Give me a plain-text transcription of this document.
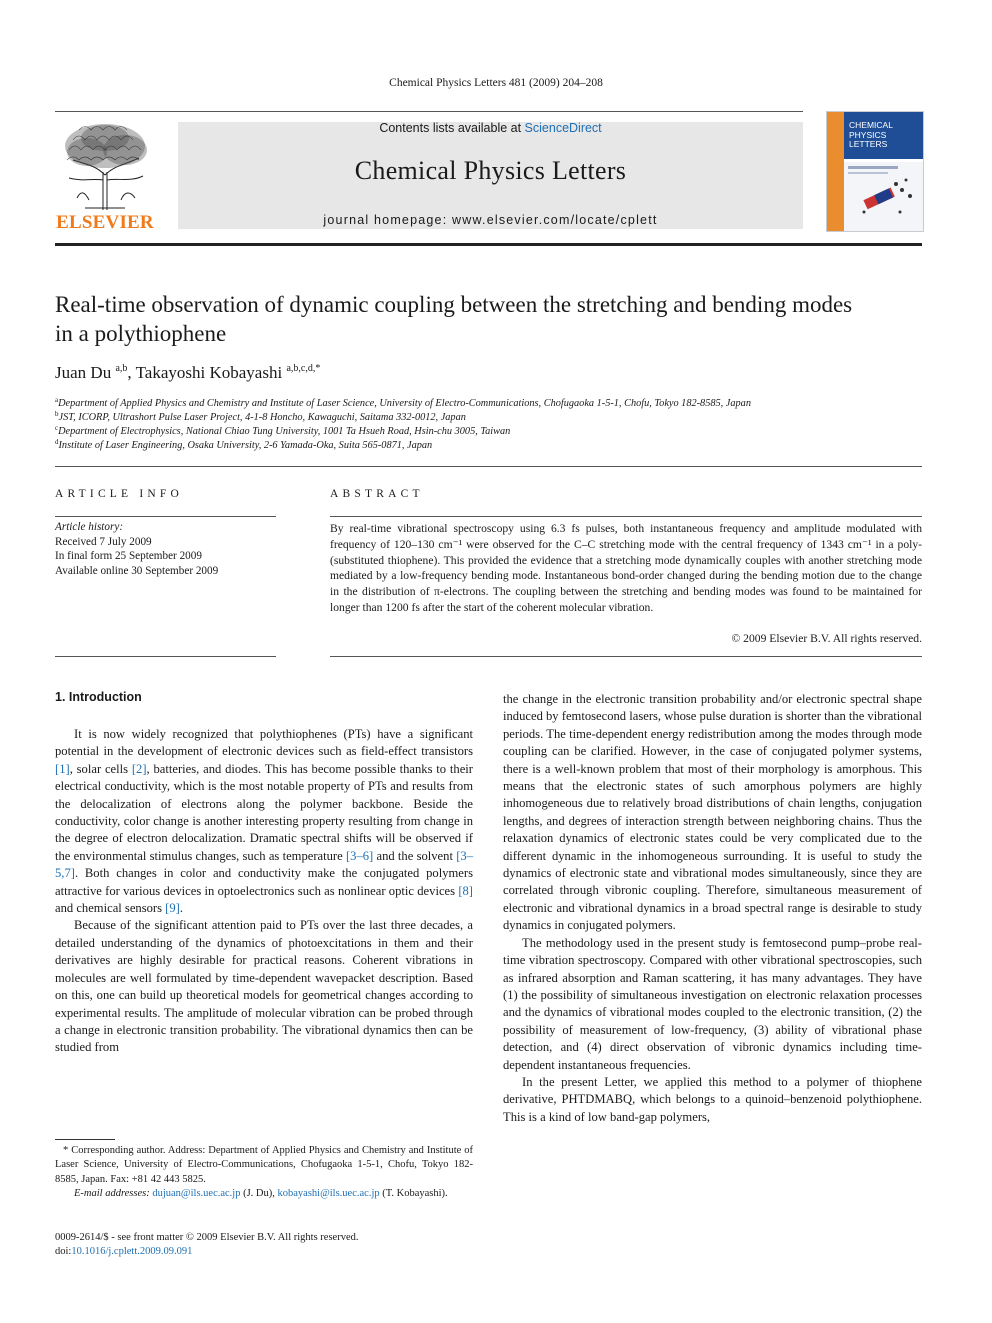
Chemical Physics Letters 481 (2009) 204–208
ELSEVIER
Contents lists available at ScienceDirect
Chemical Physics Letters
journal homepage: www.elsevier.com/locate/cplett
CHEMICAL
PHYSICS
LETTERS
Real-time observation of dynamic coupling between the stretching and bending modes in a polythiophene
Juan Du $^{a,b}$, Takayoshi Kobayashi $^{a,b,c,d,*}$
$^a$Department of Applied Physics and Chemistry and Institute of Laser Science, University of Electro-Communications, Chofugaoka 1-5-1, Chofu, Tokyo 182-8585, Japan
$^b$JST, ICORP, Ultrashort Pulse Laser Project, 4-1-8 Honcho, Kawaguchi, Saitama 332-0012, Japan
$^c$Department of Electrophysics, National Chiao Tung University, 1001 Ta Hsueh Road, Hsin-chu 3005, Taiwan
$^d$Institute of Laser Engineering, Osaka University, 2-6 Yamada-Oka, Suita 565-0871, Japan
ARTICLE INFO
Article history:
Received 7 July 2009
In final form 25 September 2009
Available online 30 September 2009
ABSTRACT
By real-time vibrational spectroscopy using 6.3 fs pulses, both instantaneous frequency and amplitude modulated with frequency of 120–130 cm⁻¹ were observed for the C–C stretching mode with the central frequency of 1343 cm⁻¹ in a poly-(substituted thiophene). This provided the evidence that a stretching mode dynamically couples with another stretching mode mediated by a low-frequency bending mode. Instantaneous bond-order changed during the bending motion due to the change in the distribution of π-electrons. The coupling between the stretching and bending modes was found to be maintained for longer than 1200 fs after the start of the coherent molecular vibration.
© 2009 Elsevier B.V. All rights reserved.
1. Introduction

It is now widely recognized that polythiophenes (PTs) have a significant potential in the development of electronic devices such as field-effect transistors [1], solar cells [2], batteries, and diodes. This has become possible thanks to their electrical conductivity, which is the most notable property of PTs and results from the delocalization of electrons along the polymer backbone. Beside the conductivity, color change is another interesting property resulting from change in the degree of electron delocalization. Dramatic spectral shifts will be observed if the environmental stimulus changes, such as temperature [3–6] and the solvent [3–5,7]. Both changes in color and conductivity make the conjugated polymers attractive for various devices in optoelectronics such as nonlinear optic devices [8] and chemical sensors [9].

Because of the significant attention paid to PTs over the last three decades, a detailed understanding of the dynamics of photoexcitations in them and their derivatives are highly desirable for practical reasons. Coherent vibrations in molecules are well formulated by time-dependent wavepacket description. Based on this, one can build up theoretical models for geometrical changes according to experimental results. The amplitude of molecular vibration can be probed through a change in electronic transition probability. The vibrational dynamics then can be studied from

the change in the electronic transition probability and/or electronic spectral shape induced by femtosecond lasers, whose pulse duration is shorter than the vibrational periods. The time-dependent energy redistribution among the modes through mode coupling can be clarified. However, in the case of conjugated polymer systems, there is a well-known problem that most of their morphology is amorphous. This means that the electronic states of such amorphous polymers are highly inhomogeneous due to relatively broad distributions of chain lengths, conjugation lengths, and degrees of interaction strength between neighboring chains. Thus the relaxation dynamics of electronic states could be very complicated due to the different dynamic in the inhomogeneous surrounding. It is useful to study the dynamics of electronic state and vibrational modes simultaneously, since they are correlated through vibronic coupling. Therefore, simultaneous measurement of electronic and vibrational dynamics in a broad spectral range is desirable to study dynamics in conjugated polymers.

The methodology used in the present study is femtosecond pump–probe real-time vibration spectroscopy. Compared with other vibrational spectroscopies, such as infrared absorption and Raman scattering, it has many advantages. They have (1) the possibility of simultaneous investigation on electronic relaxation processes and the dynamics of vibrational modes coupled to the electronic transition, (2) the possibility of measurement of low-frequency, (3) ability of vibrational phase detection, and (4) direct observation of vibronic dynamics including time-dependent instantaneous frequencies.

In the present Letter, we applied this method to a polymer of thiophene derivative, PHTDMABQ, which belongs to a quinoid–benzenoid polythiophene. This is a kind of low band-gap polymers,

* Corresponding author. Address: Department of Applied Physics and Chemistry and Institute of Laser Science, University of Electro-Communications, Chofugaoka 1-5-1, Chofu, Tokyo 182-8585, Japan. Fax: +81 42 443 5825.
E-mail addresses: dujuan@ils.uec.ac.jp (J. Du), kobayashi@ils.uec.ac.jp (T. Kobayashi).
0009-2614/$ - see front matter © 2009 Elsevier B.V. All rights reserved.
doi:10.1016/j.cplett.2009.09.091
